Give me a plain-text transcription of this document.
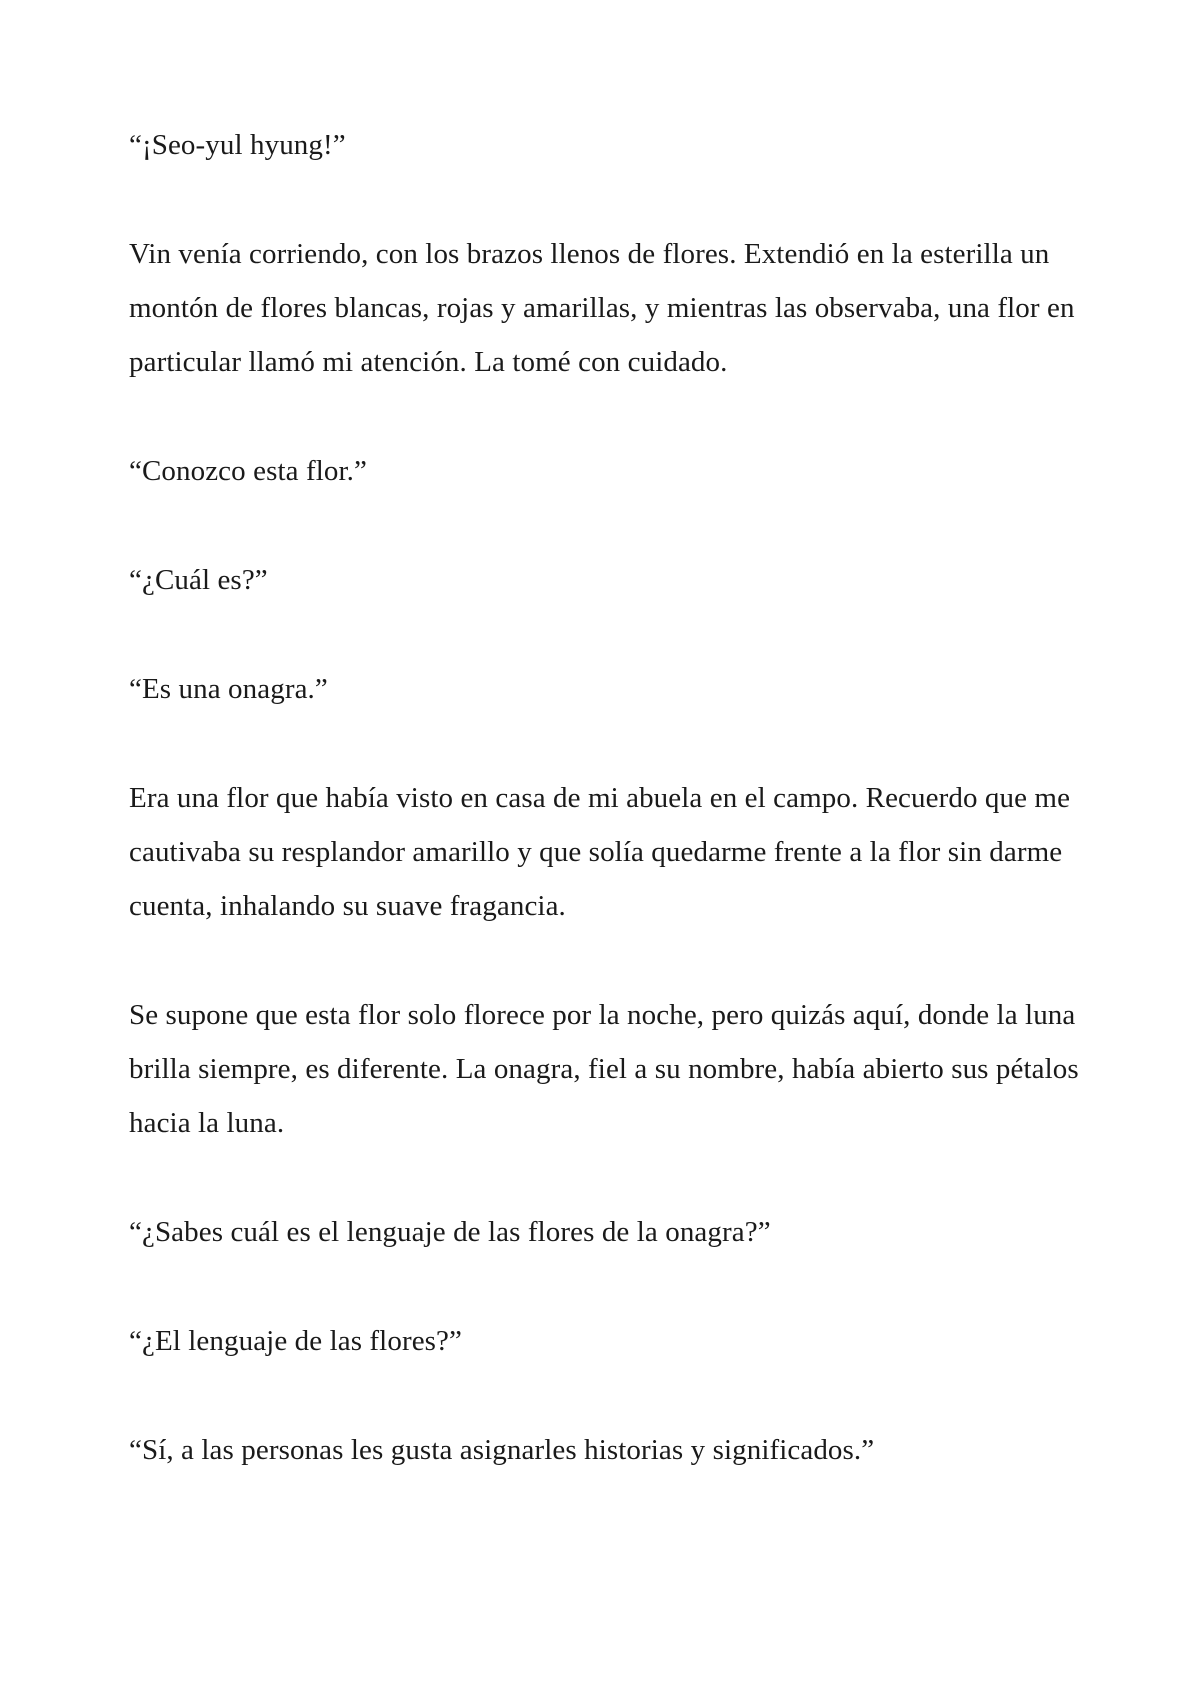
“¡Seo-yul hyung!”

Vin venía corriendo, con los brazos llenos de flores. Extendió en la esterilla un montón de flores blancas, rojas y amarillas, y mientras las observaba, una flor en particular llamó mi atención. La tomé con cuidado.

“Conozco esta flor.”

“¿Cuál es?”

“Es una onagra.”

Era una flor que había visto en casa de mi abuela en el campo. Recuerdo que me cautivaba su resplandor amarillo y que solía quedarme frente a la flor sin darme cuenta, inhalando su suave fragancia.

Se supone que esta flor solo florece por la noche, pero quizás aquí, donde la luna brilla siempre, es diferente. La onagra, fiel a su nombre, había abierto sus pétalos hacia la luna.

“¿Sabes cuál es el lenguaje de las flores de la onagra?”

“¿El lenguaje de las flores?”

“Sí, a las personas les gusta asignarles historias y significados.”
